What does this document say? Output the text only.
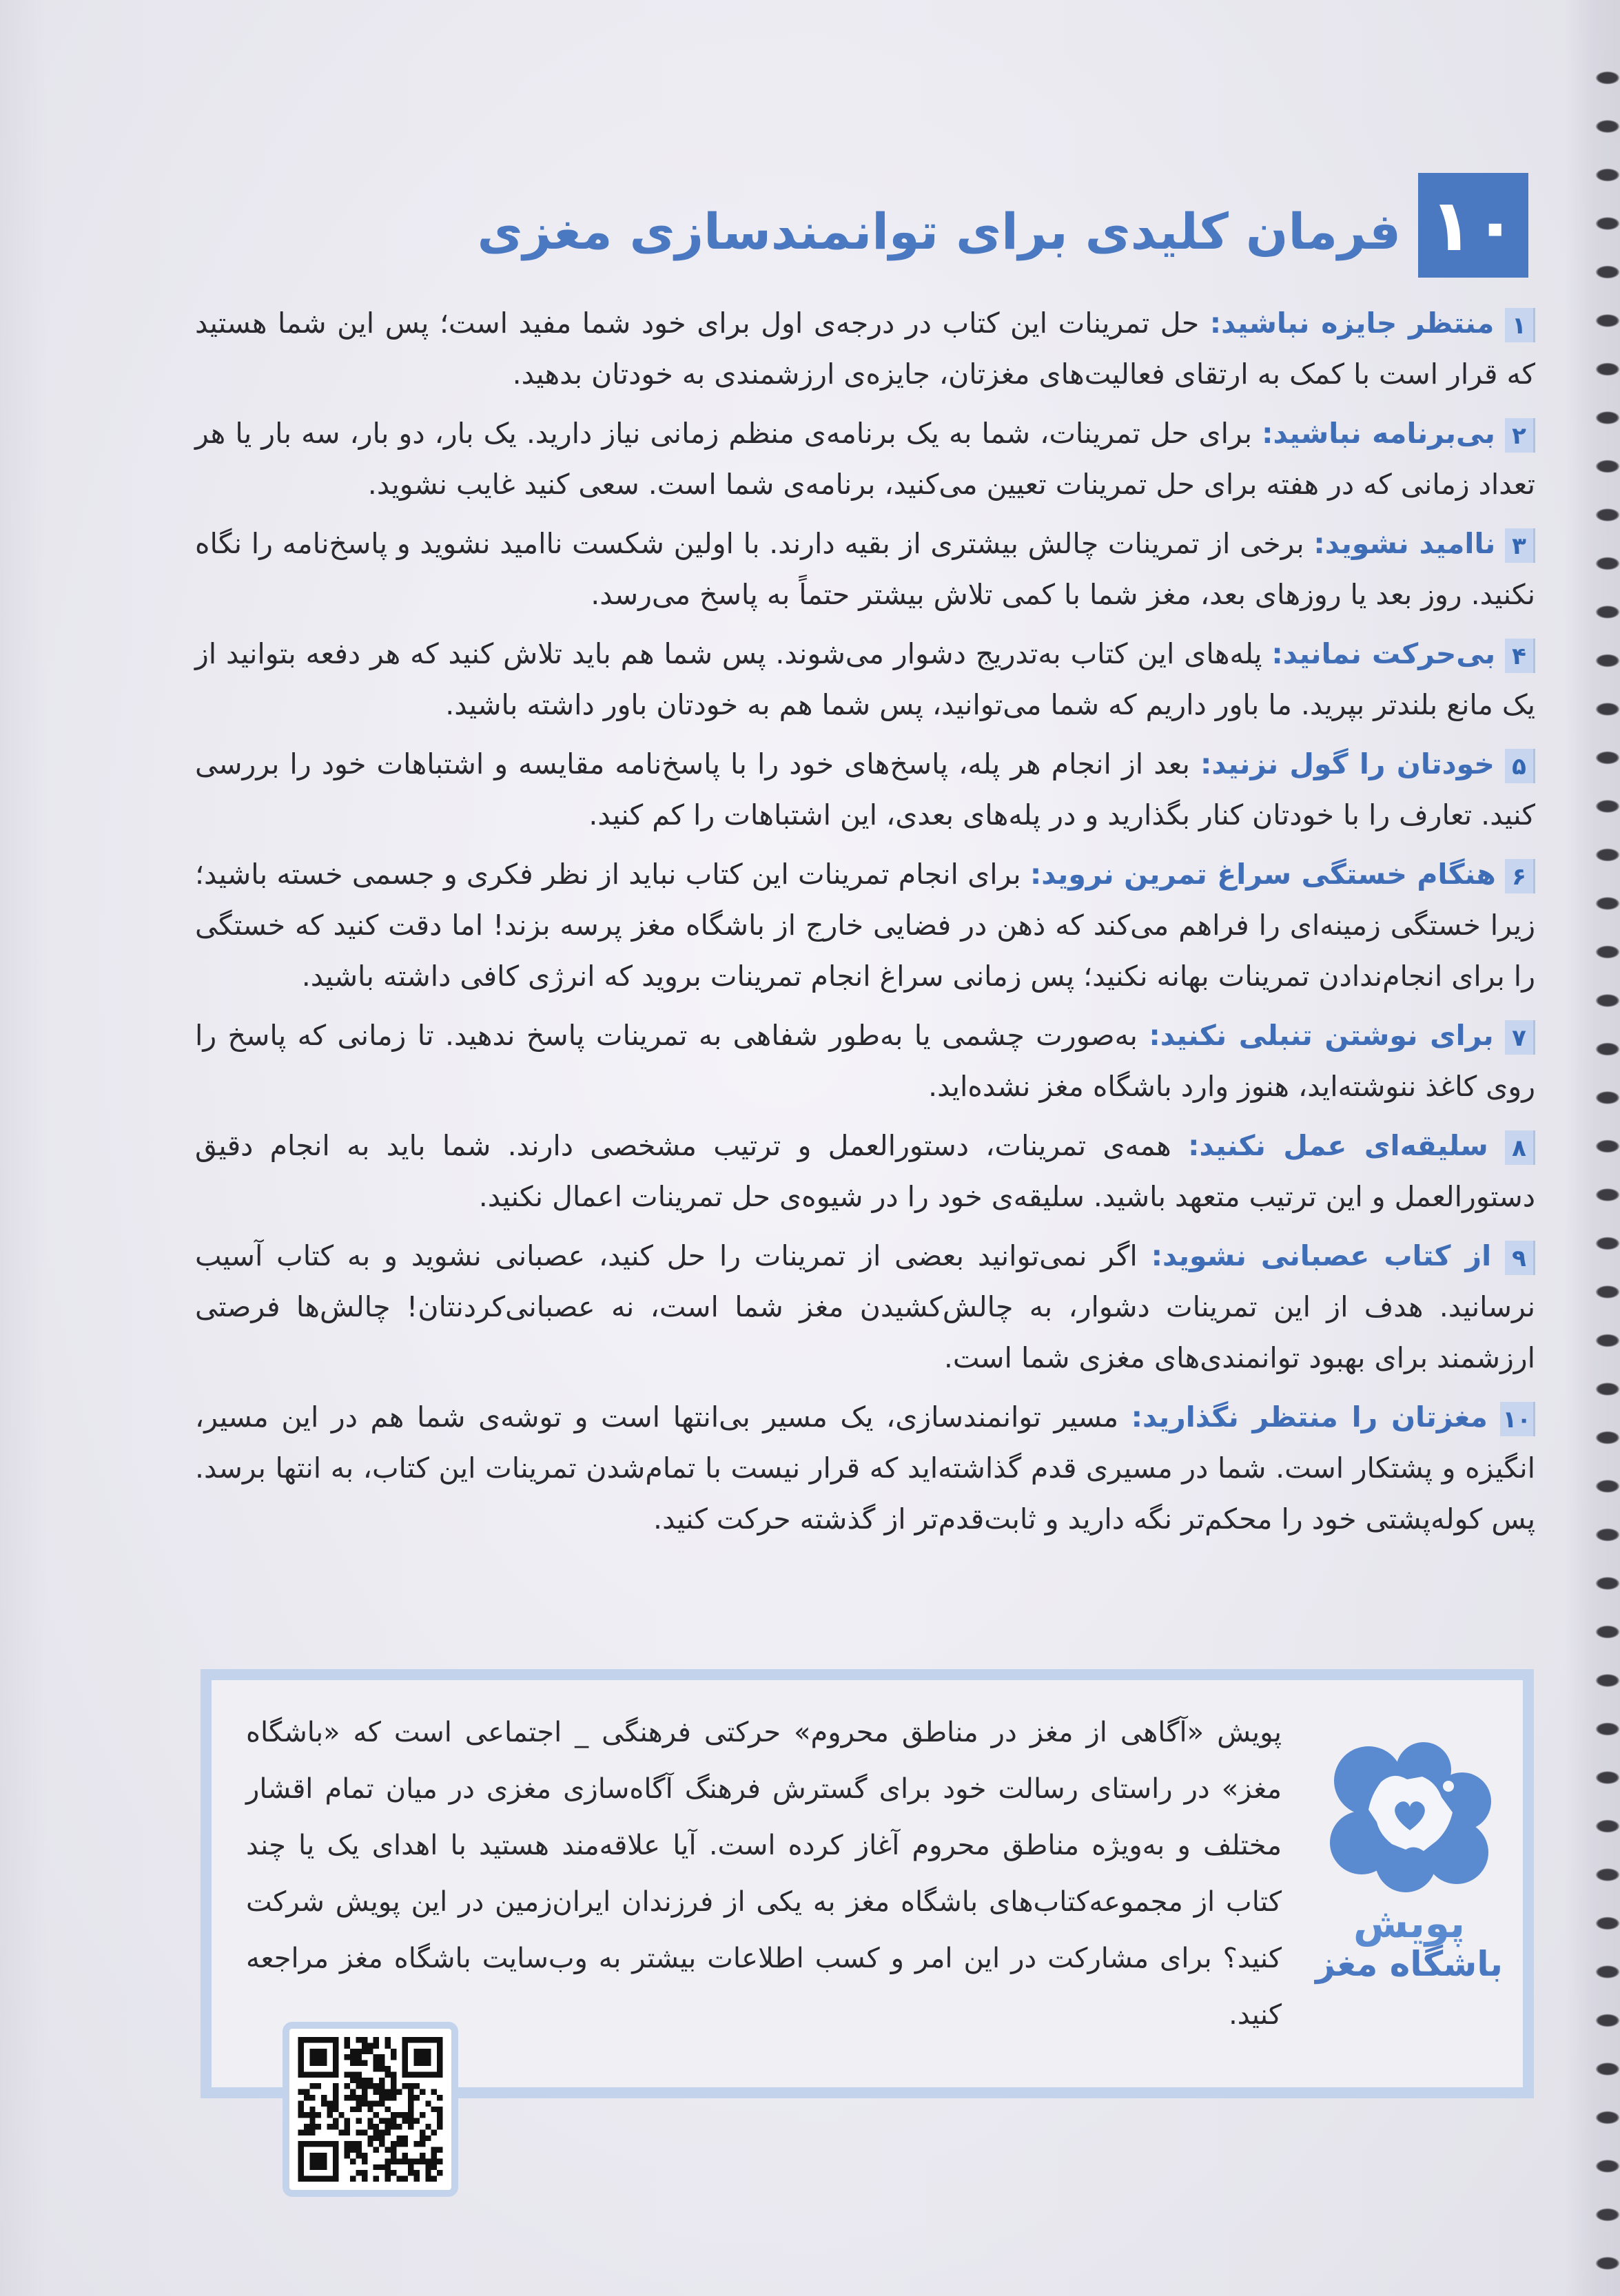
۱۰
فرمان کلیدی برای توانمندسازی مغزی

۱ منتظر جایزه نباشید: حل تمرینات این کتاب در درجه‌ی اول برای خود شما مفید است؛ پس این شما هستید که قرار است با کمک به ارتقای فعالیت‌های مغزتان، جایزه‌ی ارزشمندی به خودتان بدهید.

۲ بی‌برنامه نباشید: برای حل تمرینات، شما به یک برنامه‌ی منظم زمانی نیاز دارید. یک بار، دو بار، سه بار یا هر تعداد زمانی که در هفته برای حل تمرینات تعیین می‌کنید، برنامه‌ی شما است. سعی کنید غایب نشوید.

۳ ناامید نشوید: برخی از تمرینات چالش بیشتری از بقیه دارند. با اولین شکست ناامید نشوید و پاسخ‌نامه را نگاه نکنید. روز بعد یا روزهای بعد، مغز شما با کمی تلاش بیشتر حتماً به پاسخ می‌رسد.

۴ بی‌حرکت نمانید: پله‌های این کتاب به‌تدریج دشوار می‌شوند. پس شما هم باید تلاش کنید که هر دفعه بتوانید از یک مانع بلندتر بپرید. ما باور داریم که شما می‌توانید، پس شما هم به خودتان باور داشته باشید.

۵ خودتان را گول نزنید: بعد از انجام هر پله، پاسخ‌های خود را با پاسخ‌نامه مقایسه و اشتباهات خود را بررسی کنید. تعارف را با خودتان کنار بگذارید و در پله‌های بعدی، این اشتباهات را کم کنید.

۶ هنگام خستگی سراغ تمرین نروید: برای انجام تمرینات این کتاب نباید از نظر فکری و جسمی خسته باشید؛ زیرا خستگی زمینه‌ای را فراهم می‌کند که ذهن در فضایی خارج از باشگاه مغز پرسه بزند! اما دقت کنید که خستگی را برای انجام‌ندادن تمرینات بهانه نکنید؛ پس زمانی سراغ انجام تمرینات بروید که انرژی کافی داشته باشید.

۷ برای نوشتن تنبلی نکنید: به‌صورت چشمی یا به‌طور شفاهی به تمرینات پاسخ ندهید. تا زمانی که پاسخ را روی کاغذ ننوشته‌اید، هنوز وارد باشگاه مغز نشده‌اید.

۸ سلیقه‌ای عمل نکنید: همه‌ی تمرینات، دستورالعمل و ترتیب مشخصی دارند. شما باید به انجام دقیق دستورالعمل و این ترتیب متعهد باشید. سلیقه‌ی خود را در شیوه‌ی حل تمرینات اعمال نکنید.

۹ از کتاب عصبانی نشوید: اگر نمی‌توانید بعضی از تمرینات را حل کنید، عصبانی نشوید و به کتاب آسیب نرسانید. هدف از این تمرینات دشوار، به چالش‌کشیدن مغز شما است، نه عصبانی‌کردنتان! چالش‌ها فرصتی ارزشمند برای بهبود توانمندی‌های مغزی شما است.

۱۰ مغزتان را منتظر نگذارید: مسیر توانمندسازی، یک مسیر بی‌انتها است و توشه‌ی شما هم در این مسیر، انگیزه و پشتکار است. شما در مسیری قدم گذاشته‌اید که قرار نیست با تمام‌شدن تمرینات این کتاب، به انتها برسد. پس کوله‌پشتی خود را محکم‌تر نگه دارید و ثابت‌قدم‌تر از گذشته حرکت کنید.

پویش «آگاهی از مغز در مناطق محروم» حرکتی فرهنگی _ اجتماعی است که «باشگاه مغز» در راستای رسالت خود برای گسترش فرهنگ آگاه‌سازی مغزی در میان تمام اقشار مختلف و به‌ویژه مناطق محروم آغاز کرده است. آیا علاقه‌مند هستید با اهدای یک یا چند کتاب از مجموعه‌کتاب‌های باشگاه مغز به یکی از فرزندان ایران‌زمین در این پویش شرکت کنید؟ برای مشارکت در این امر و کسب اطلاعات بیشتر به وب‌سایت باشگاه مغز مراجعه کنید.

پویش
باشگاه مغز
